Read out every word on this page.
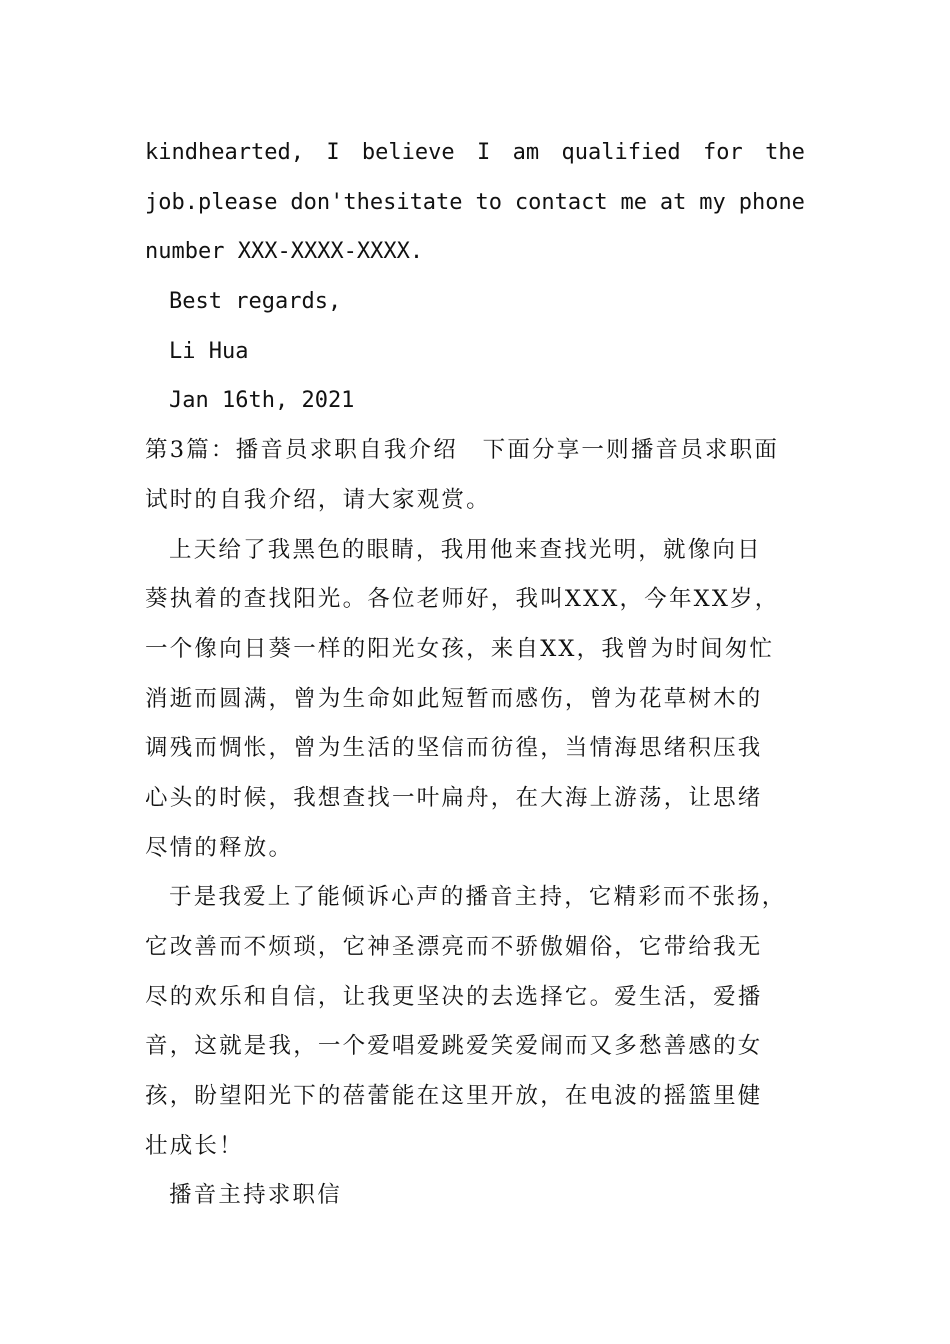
kindhearted, I believe I am qualified for the
job.please don'thesitate to contact me at my phone
number XXX-XXXX-XXXX.
Best regards,
Li Hua
Jan 16th, 2021
第3篇：播音员求职自我介绍　下面分享一则播音员求职面
试时的自我介绍，请大家观赏。
上天给了我黑色的眼睛，我用他来查找光明，就像向日
葵执着的查找阳光。各位老师好，我叫XXX，今年XX岁，
一个像向日葵一样的阳光女孩，来自XX，我曾为时间匆忙
消逝而圆满，曾为生命如此短暂而感伤，曾为花草树木的
调残而惆怅，曾为生活的坚信而彷徨，当情海思绪积压我
心头的时候，我想查找一叶扁舟，在大海上游荡，让思绪
尽情的释放。
于是我爱上了能倾诉心声的播音主持，它精彩而不张扬，
它改善而不烦琐，它神圣漂亮而不骄傲媚俗，它带给我无
尽的欢乐和自信，让我更坚决的去选择它。爱生活，爱播
音，这就是我，一个爱唱爱跳爱笑爱闹而又多愁善感的女
孩，盼望阳光下的蓓蕾能在这里开放，在电波的摇篮里健
壮成长！
播音主持求职信
